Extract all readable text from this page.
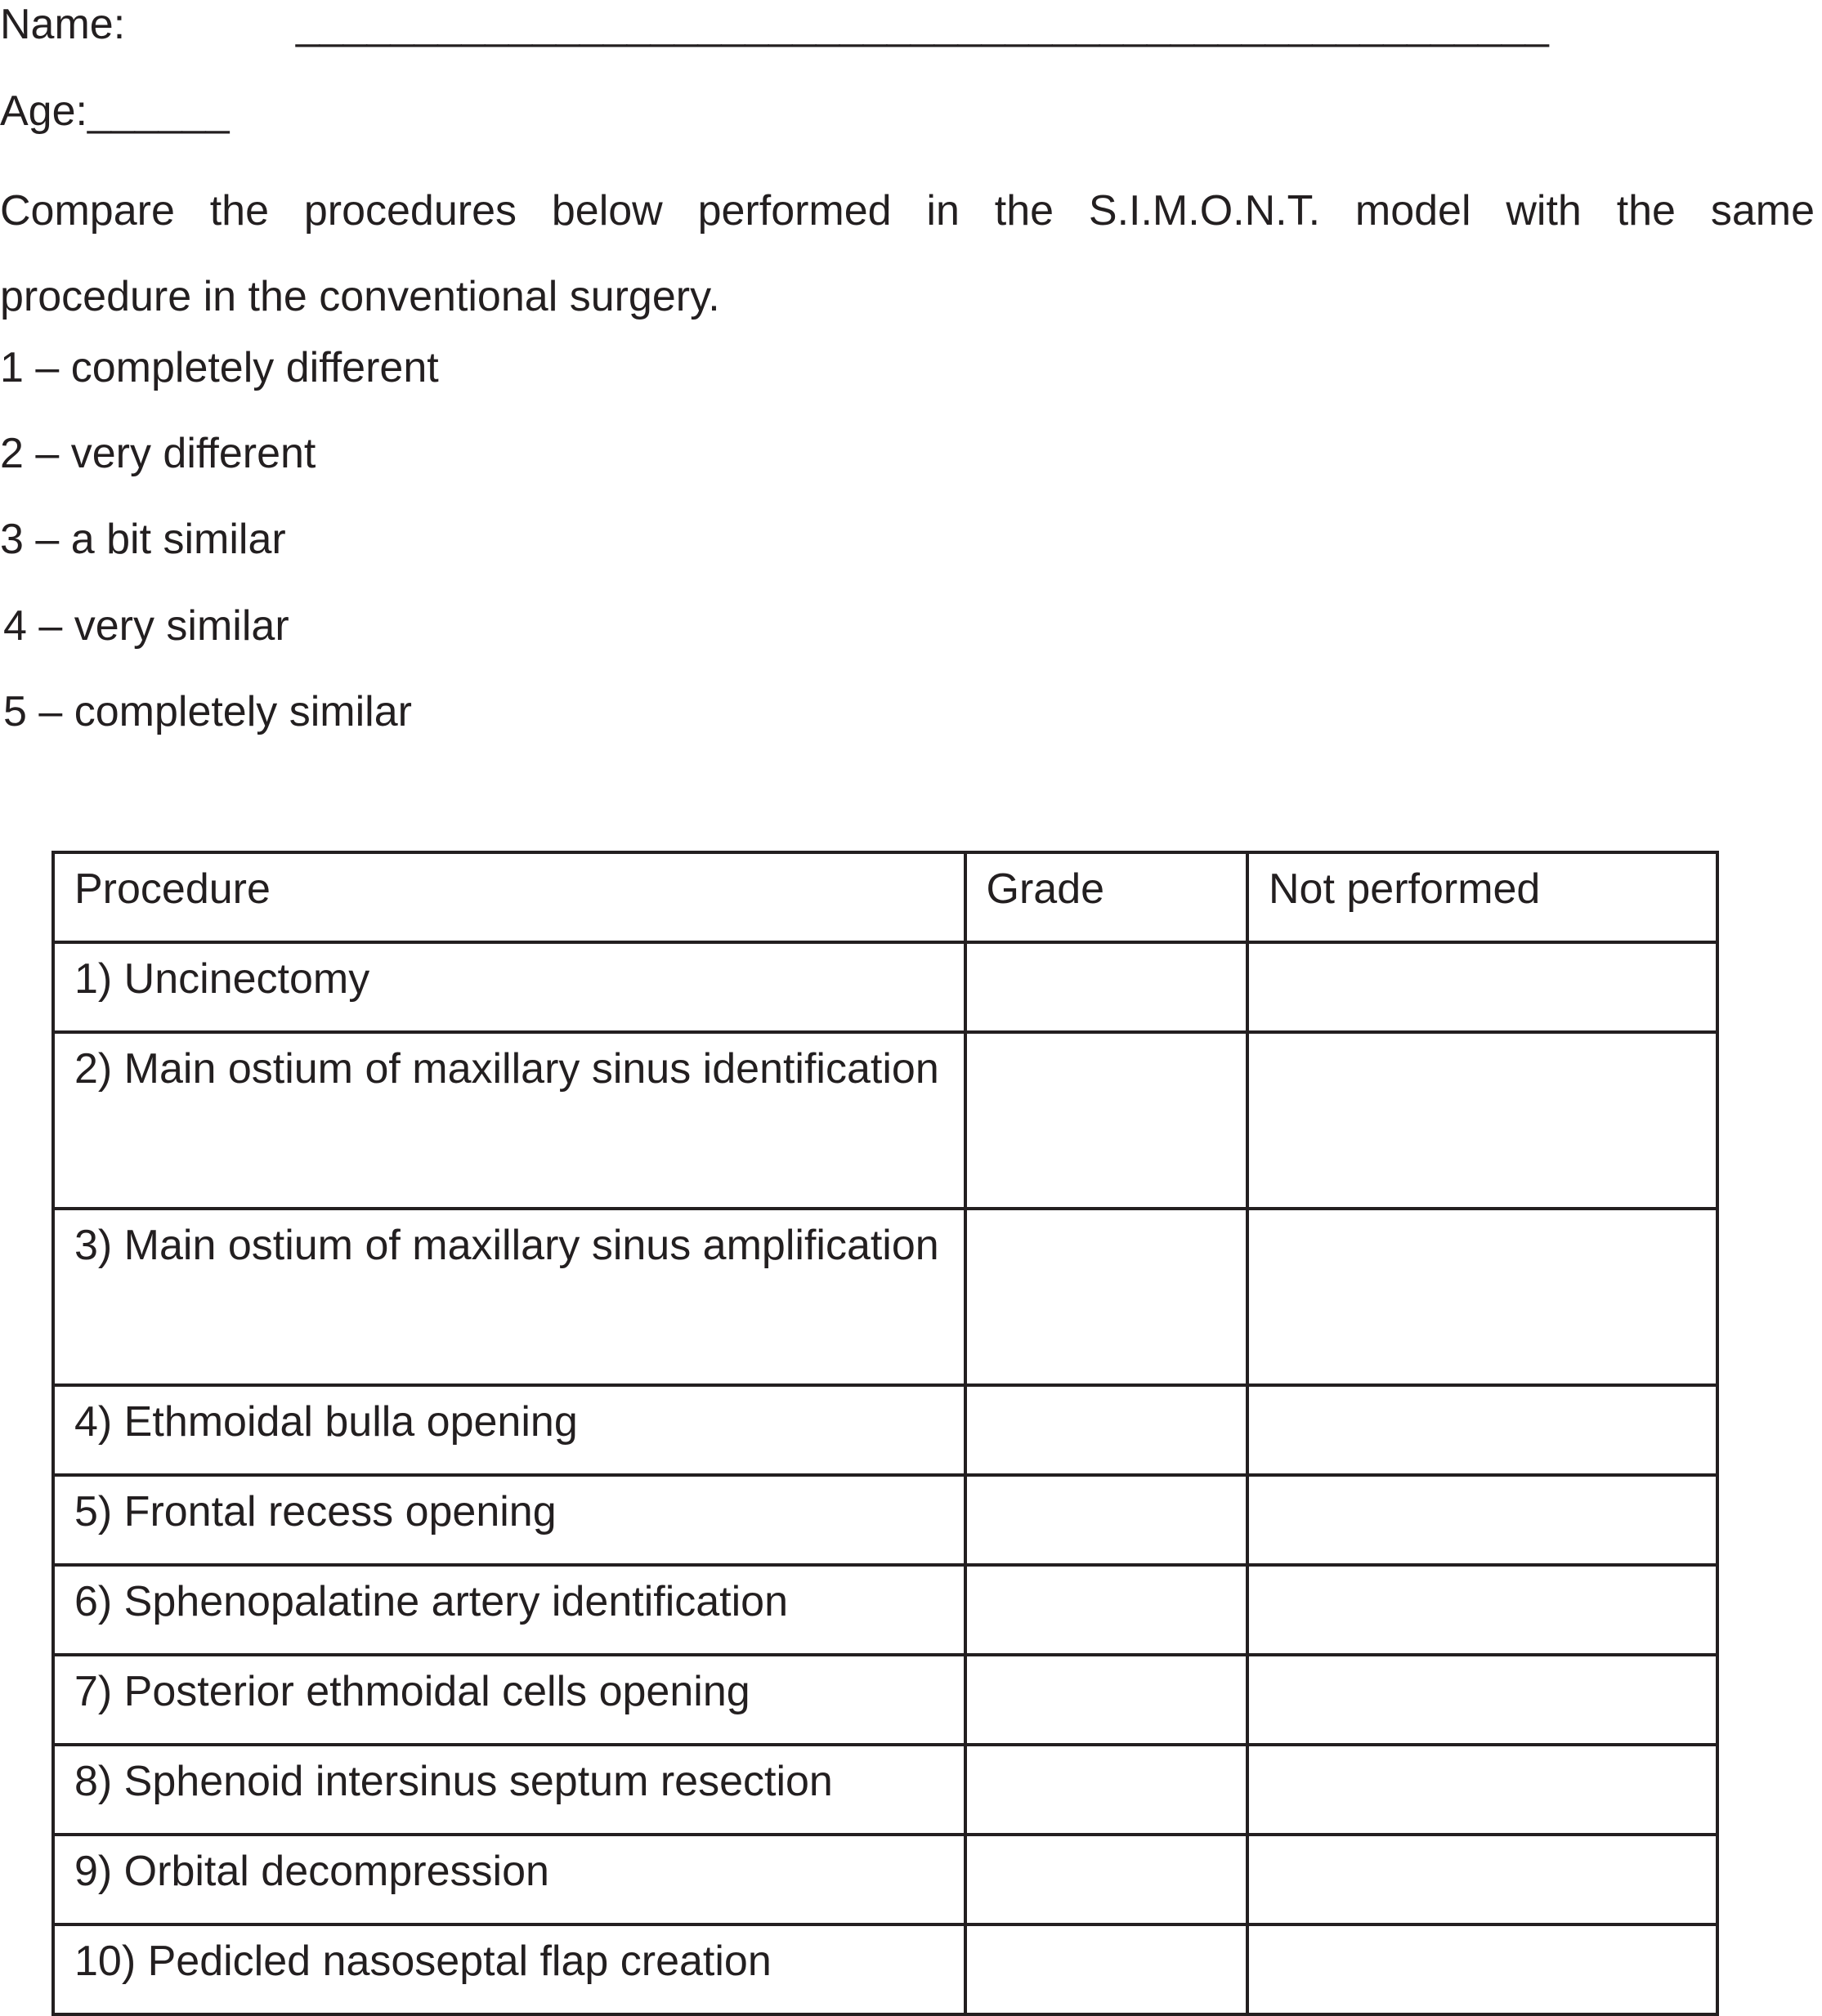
Name:	_____________________________________________________
Age:______
Compare the procedures below performed in the S.I.M.O.N.T. model with the same
procedure in the conventional surgery.
1 – completely different
2 – very different
3 – a bit similar
4 – very similar
5 – completely similar
Procedure	Grade	Not performed
1) Uncinectomy		
2) Main ostium of maxillary sinus identification		
3) Main ostium of maxillary sinus amplification		
4) Ethmoidal bulla opening		
5) Frontal recess opening		
6) Sphenopalatine artery identification		
7) Posterior ethmoidal cells opening		
8) Sphenoid intersinus septum resection		
9) Orbital decompression		
10) Pedicled nasoseptal flap creation		
